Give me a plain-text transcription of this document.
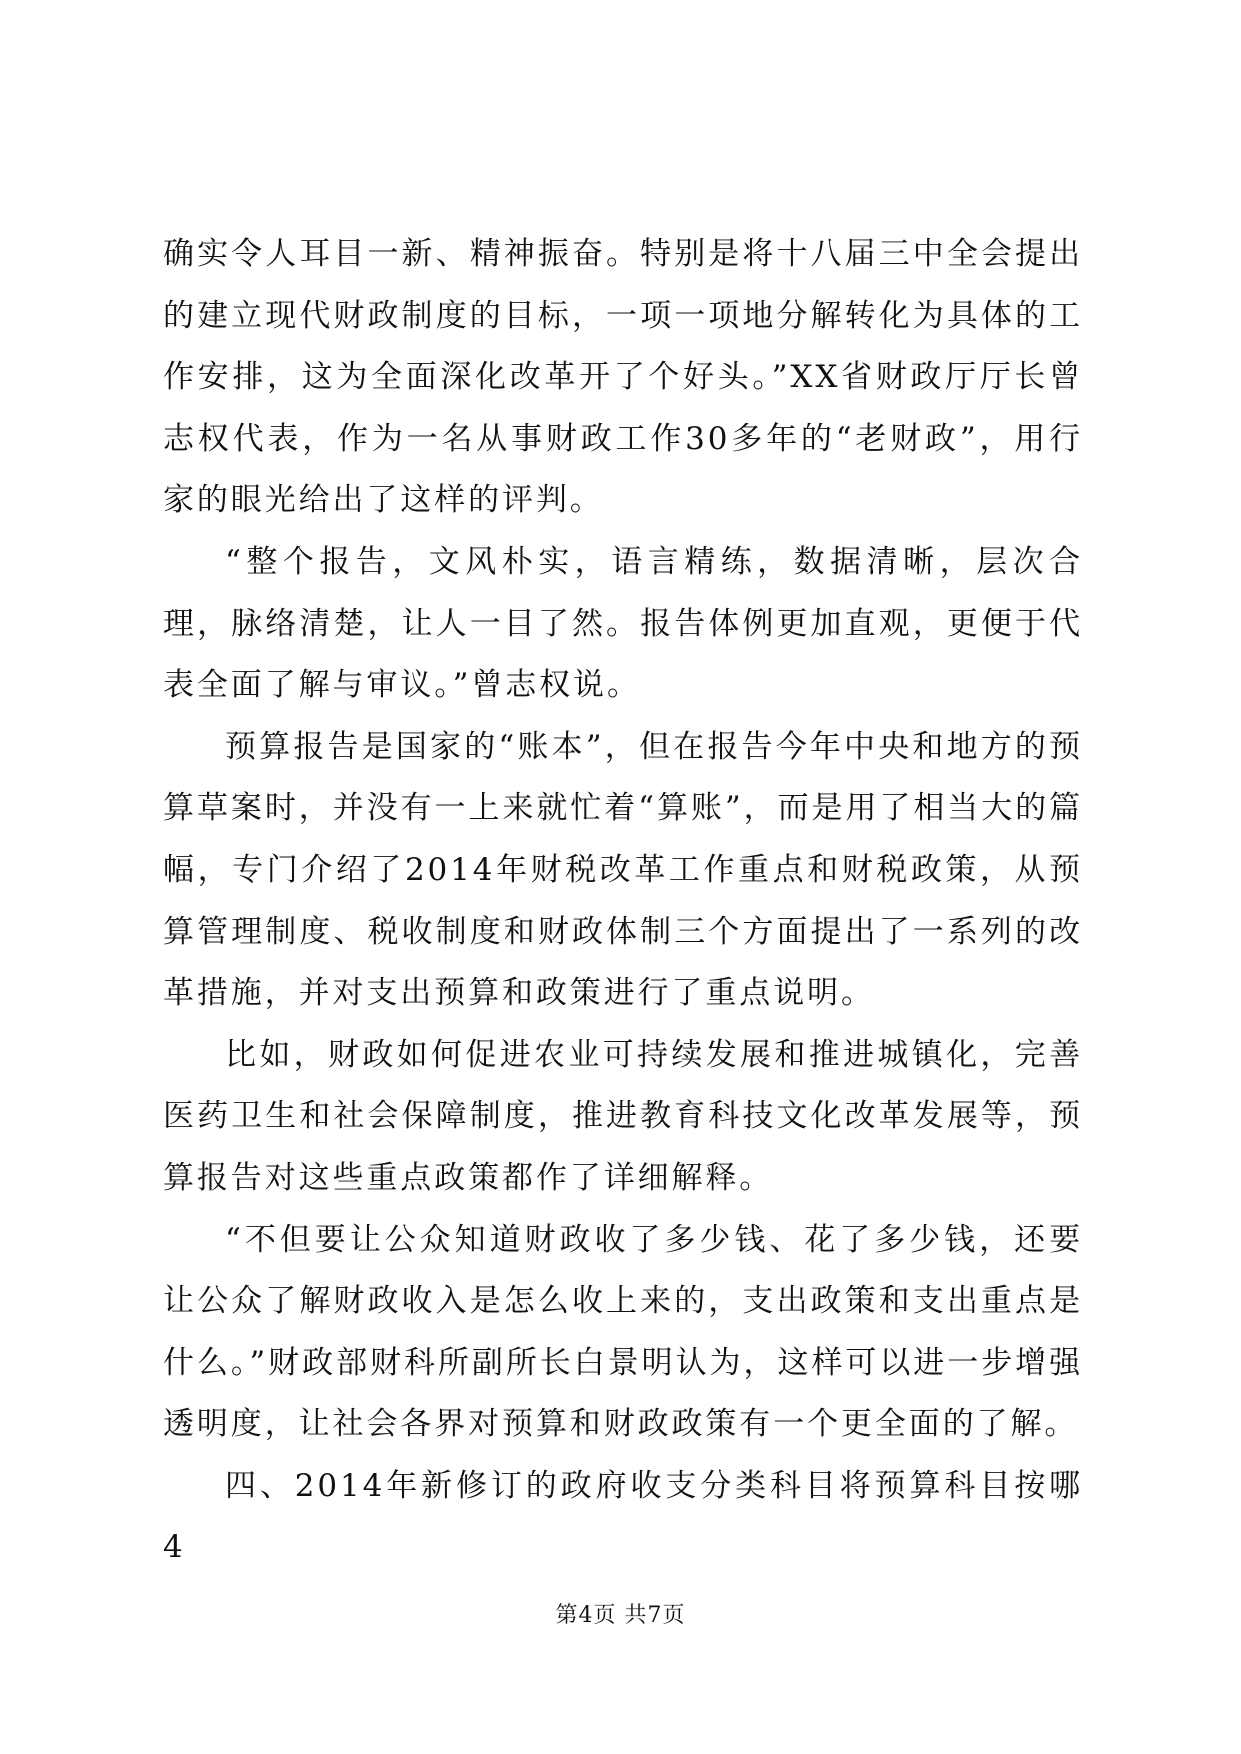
确实令人耳目一新、精神振奋。特别是将十八届三中全会提出的建立现代财政制度的目标，一项一项地分解转化为具体的工作安排，这为全面深化改革开了个好头。”XX省财政厅厅长曾志权代表，作为一名从事财政工作30多年的“老财政”，用行家的眼光给出了这样的评判。

“整个报告，文风朴实，语言精练，数据清晰，层次合理，脉络清楚，让人一目了然。报告体例更加直观，更便于代表全面了解与审议。”曾志权说。

预算报告是国家的“账本”，但在报告今年中央和地方的预算草案时，并没有一上来就忙着“算账”，而是用了相当大的篇幅，专门介绍了2014年财税改革工作重点和财税政策，从预算管理制度、税收制度和财政体制三个方面提出了一系列的改革措施，并对支出预算和政策进行了重点说明。

比如，财政如何促进农业可持续发展和推进城镇化，完善医药卫生和社会保障制度，推进教育科技文化改革发展等，预算报告对这些重点政策都作了详细解释。

“不但要让公众知道财政收了多少钱、花了多少钱，还要让公众了解财政收入是怎么收上来的，支出政策和支出重点是什么。”财政部财科所副所长白景明认为，这样可以进一步增强透明度，让社会各界对预算和财政政策有一个更全面的了解。

四、2014年新修订的政府收支分类科目将预算科目按哪4

第4页 共7页
